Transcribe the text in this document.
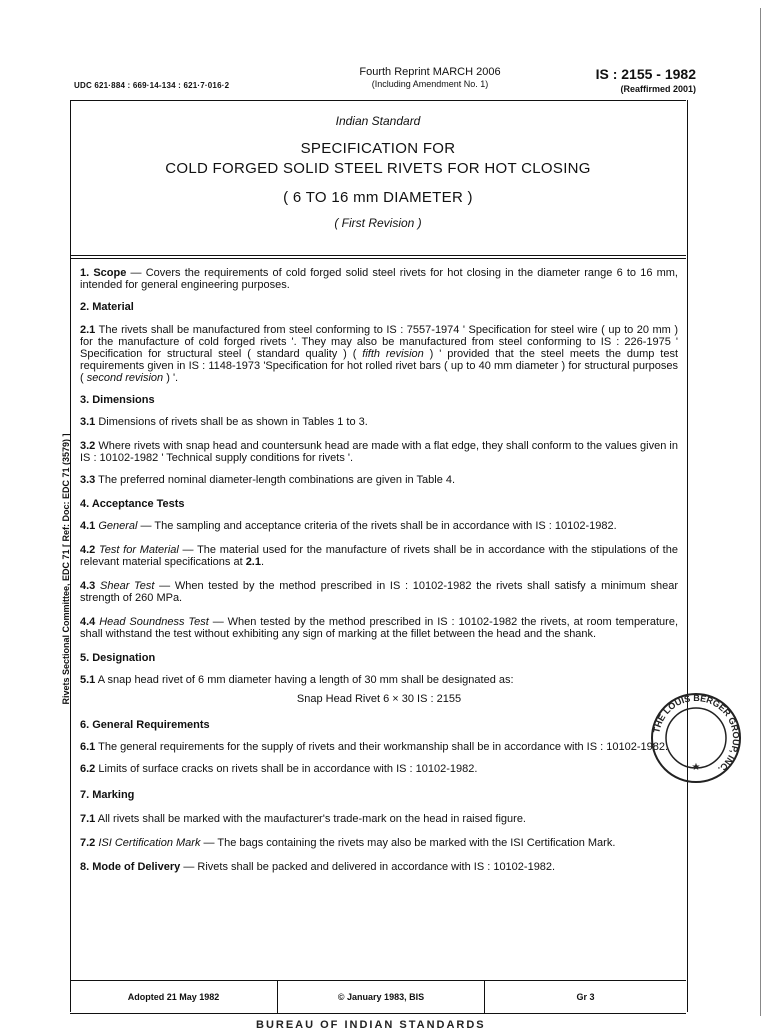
UDC 621·884 : 669·14-134 : 621·7·016·2
Fourth Reprint MARCH 2006
(Including Amendment No. 1)
IS : 2155 - 1982
(Reaffirmed 2001)
Indian Standard
SPECIFICATION FOR
COLD FORGED SOLID STEEL RIVETS FOR HOT CLOSING
( 6 TO 16 mm DIAMETER )
( First Revision )

1. Scope — Covers the requirements of cold forged solid steel rivets for hot closing in the diameter range 6 to 16 mm, intended for general engineering purposes.

2. Material

2.1 The rivets shall be manufactured from steel conforming to IS : 7557-1974 ' Specification for steel wire ( up to 20 mm ) for the manufacture of cold forged rivets '. They may also be manufactured from steel conforming to IS : 226-1975 ' Specification for structural steel ( standard quality ) ( fifth revision ) ' provided that the steel meets the dump test requirements given in IS : 1148-1973 'Specification for hot rolled rivet bars ( up to 40 mm diameter ) for structural purposes ( second revision ) '.

3. Dimensions

3.1 Dimensions of rivets shall be as shown in Tables 1 to 3.

3.2 Where rivets with snap head and countersunk head are made with a flat edge, they shall conform to the values given in IS : 10102-1982 ' Technical supply conditions for rivets '.

3.3 The preferred nominal diameter-length combinations are given in Table 4.

4. Acceptance Tests

4.1 General — The sampling and acceptance criteria of the rivets shall be in accordance with IS : 10102-1982.

4.2 Test for Material — The material used for the manufacture of rivets shall be in accordance with the stipulations of the relevant material specifications at 2.1.

4.3 Shear Test — When tested by the method prescribed in IS : 10102-1982 the rivets shall satisfy a minimum shear strength of 260 MPa.

4.4 Head Soundness Test — When tested by the method prescribed in IS : 10102-1982 the rivets, at room temperature, shall withstand the test without exhibiting any sign of marking at the fillet between the head and the shank.

5. Designation

5.1 A snap head rivet of 6 mm diameter having a length of 30 mm shall be designated as:

Snap Head Rivet 6 × 30 IS : 2155

6. General Requirements

6.1 The general requirements for the supply of rivets and their workmanship shall be in accordance with IS : 10102-1982.

6.2 Limits of surface cracks on rivets shall be in accordance with IS : 10102-1982.

7. Marking

7.1 All rivets shall be marked with the maufacturer's trade-mark on the head in raised figure.

7.2 ISI Certification Mark — The bags containing the rivets may also be marked with the ISI Certification Mark.

8. Mode of Delivery — Rivets shall be packed and delivered in accordance with IS : 10102-1982.

Adopted 21 May 1982	© January 1983, BIS	Gr 3
Rivets Sectional Committee, EDC 71 [ Ref: Doc: EDC 71 (3579) ]
THE LOUIS BERGER GROUP, INC.
★
BUREAU OF INDIAN STANDARDS
